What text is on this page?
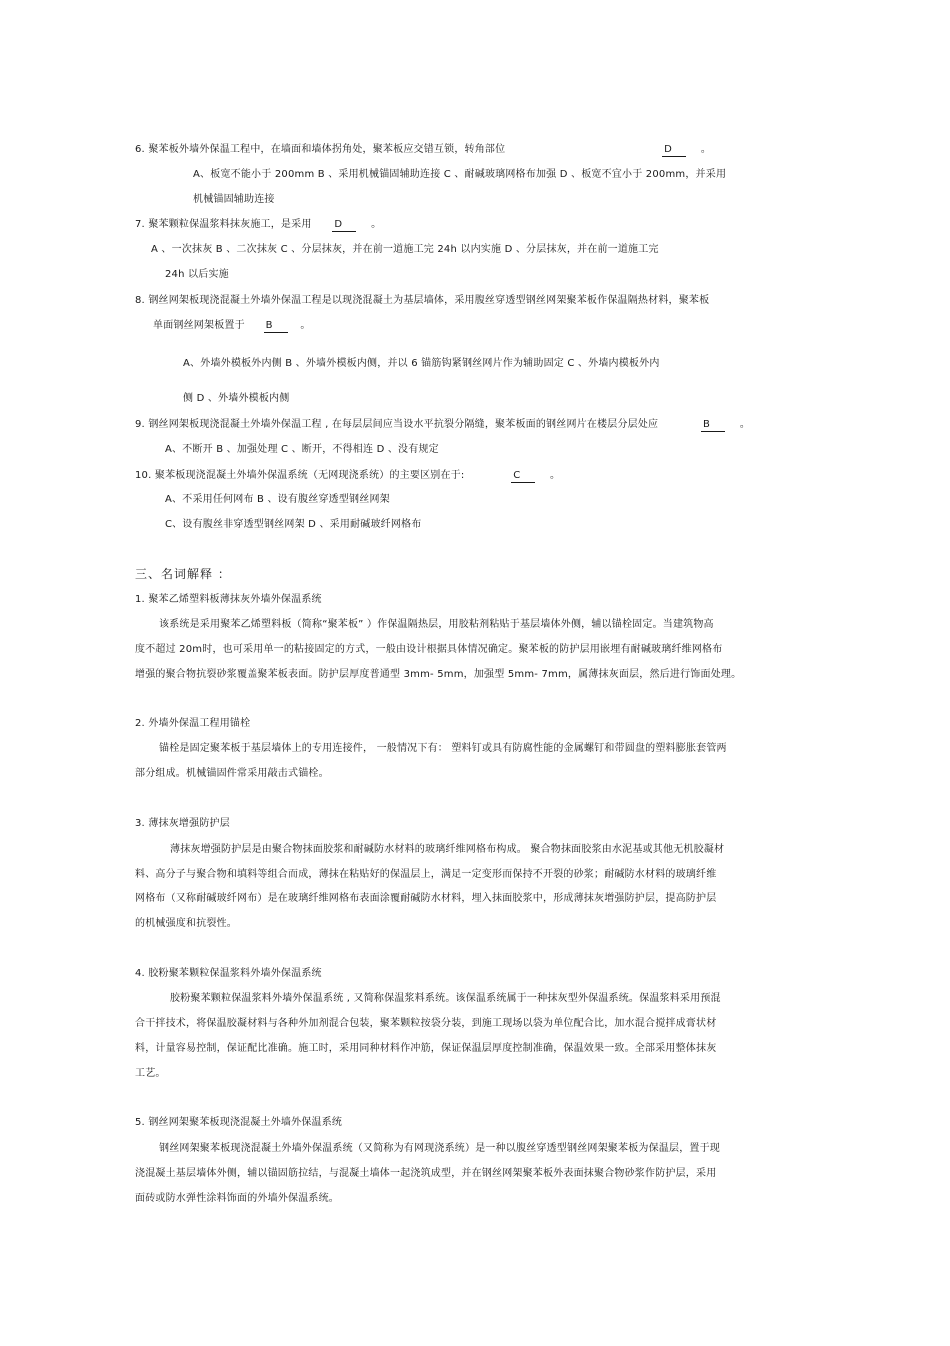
6. 聚苯板外墙外保温工程中，在墙面和墙体拐角处，聚苯板应交错互锁，转角部位	D	。
A、板宽不能小于 200mm B 、采用机械锚固辅助连接 C 、耐碱玻璃网格布加强 D 、板宽不宜小于 200mm，并采用
机械锚固辅助连接
7. 聚苯颗粒保温浆料抹灰施工，是采用 D	。
A 、一次抹灰 B 、二次抹灰 C 、分层抹灰，并在前一道施工完 24h 以内实施 D 、分层抹灰，并在前一道施工完
24h 以后实施
8. 钢丝网架板现浇混凝土外墙外保温工程是以现浇混凝土为基层墙体，采用腹丝穿透型钢丝网架聚苯板作保温隔热材料，聚苯板
单面钢丝网架板置于 B	。
A、外墙外模板外内侧 B 、外墙外模板内侧，并以 6 锚筋钩紧钢丝网片作为辅助固定 C 、外墙内模板外内
侧 D 、外墙外模板内侧
9. 钢丝网架板现浇混凝土外墙外保温工程 , 在每层层间应当设水平抗裂分隔缝，聚苯板面的钢丝网片在楼层分层处应	B	。
A、不断开 B 、加强处理 C 、断开，不得相连 D 、没有规定
10. 聚苯板现浇混凝土外墙外保温系统（无网现浇系统）的主要区别在于:	C	。
A、不采用任何网布 B 、设有腹丝穿透型钢丝网架
C、设有腹丝非穿透型钢丝网架 D 、采用耐碱玻纤网格布
三、名词解释 ：
1. 聚苯乙烯塑料板薄抹灰外墙外保温系统
该系统是采用聚苯乙烯塑料板（简称“聚苯板” ）作保温隔热层，用胶粘剂粘贴于基层墙体外侧，辅以锚栓固定。当建筑物高
度不超过 20m时，也可采用单一的粘接固定的方式，一般由设计根据具体情况确定。聚苯板的防护层用嵌埋有耐碱玻璃纤维网格布
增强的聚合物抗裂砂浆覆盖聚苯板表面。防护层厚度普通型 3mm- 5mm，加强型 5mm- 7mm，属薄抹灰面层，然后进行饰面处理。
2. 外墙外保温工程用锚栓
锚栓是固定聚苯板于基层墙体上的专用连接件， 一般情况下有： 塑料钉或具有防腐性能的金属螺钉和带圆盘的塑料膨胀套管两
部分组成。机械锚固件常采用敲击式锚栓。
3. 薄抹灰增强防护层
薄抹灰增强防护层是由聚合物抹面胶浆和耐碱防水材料的玻璃纤维网格布构成。 聚合物抹面胶浆由水泥基或其他无机胶凝材
料、高分子与聚合物和填料等组合而成，薄抹在粘贴好的保温层上，满足一定变形而保持不开裂的砂浆；耐碱防水材料的玻璃纤维
网格布（又称耐碱玻纤网布）是在玻璃纤维网格布表面涂覆耐碱防水材料，埋入抹面胶浆中，形成薄抹灰增强防护层，提高防护层
的机械强度和抗裂性。
4. 胶粉聚苯颗粒保温浆料外墙外保温系统
胶粉聚苯颗粒保温浆料外墙外保温系统 , 又简称保温浆料系统。该保温系统属于一种抹灰型外保温系统。保温浆料采用预混
合干拌技术，将保温胶凝材料与各种外加剂混合包装，聚苯颗粒按袋分装，到施工现场以袋为单位配合比，加水混合搅拌成膏状材
料，计量容易控制，保证配比准确。施工时，采用同种材料作冲筋，保证保温层厚度控制准确，保温效果一致。全部采用整体抹灰
工艺。
5. 钢丝网架聚苯板现浇混凝土外墙外保温系统
钢丝网架聚苯板现浇混凝土外墙外保温系统（又简称为有网现浇系统）是一种以腹丝穿透型钢丝网架聚苯板为保温层，置于现
浇混凝土基层墙体外侧，辅以锚固筋拉结，与混凝土墙体一起浇筑成型，并在钢丝网架聚苯板外表面抹聚合物砂浆作防护层，采用
面砖或防水弹性涂料饰面的外墙外保温系统。
